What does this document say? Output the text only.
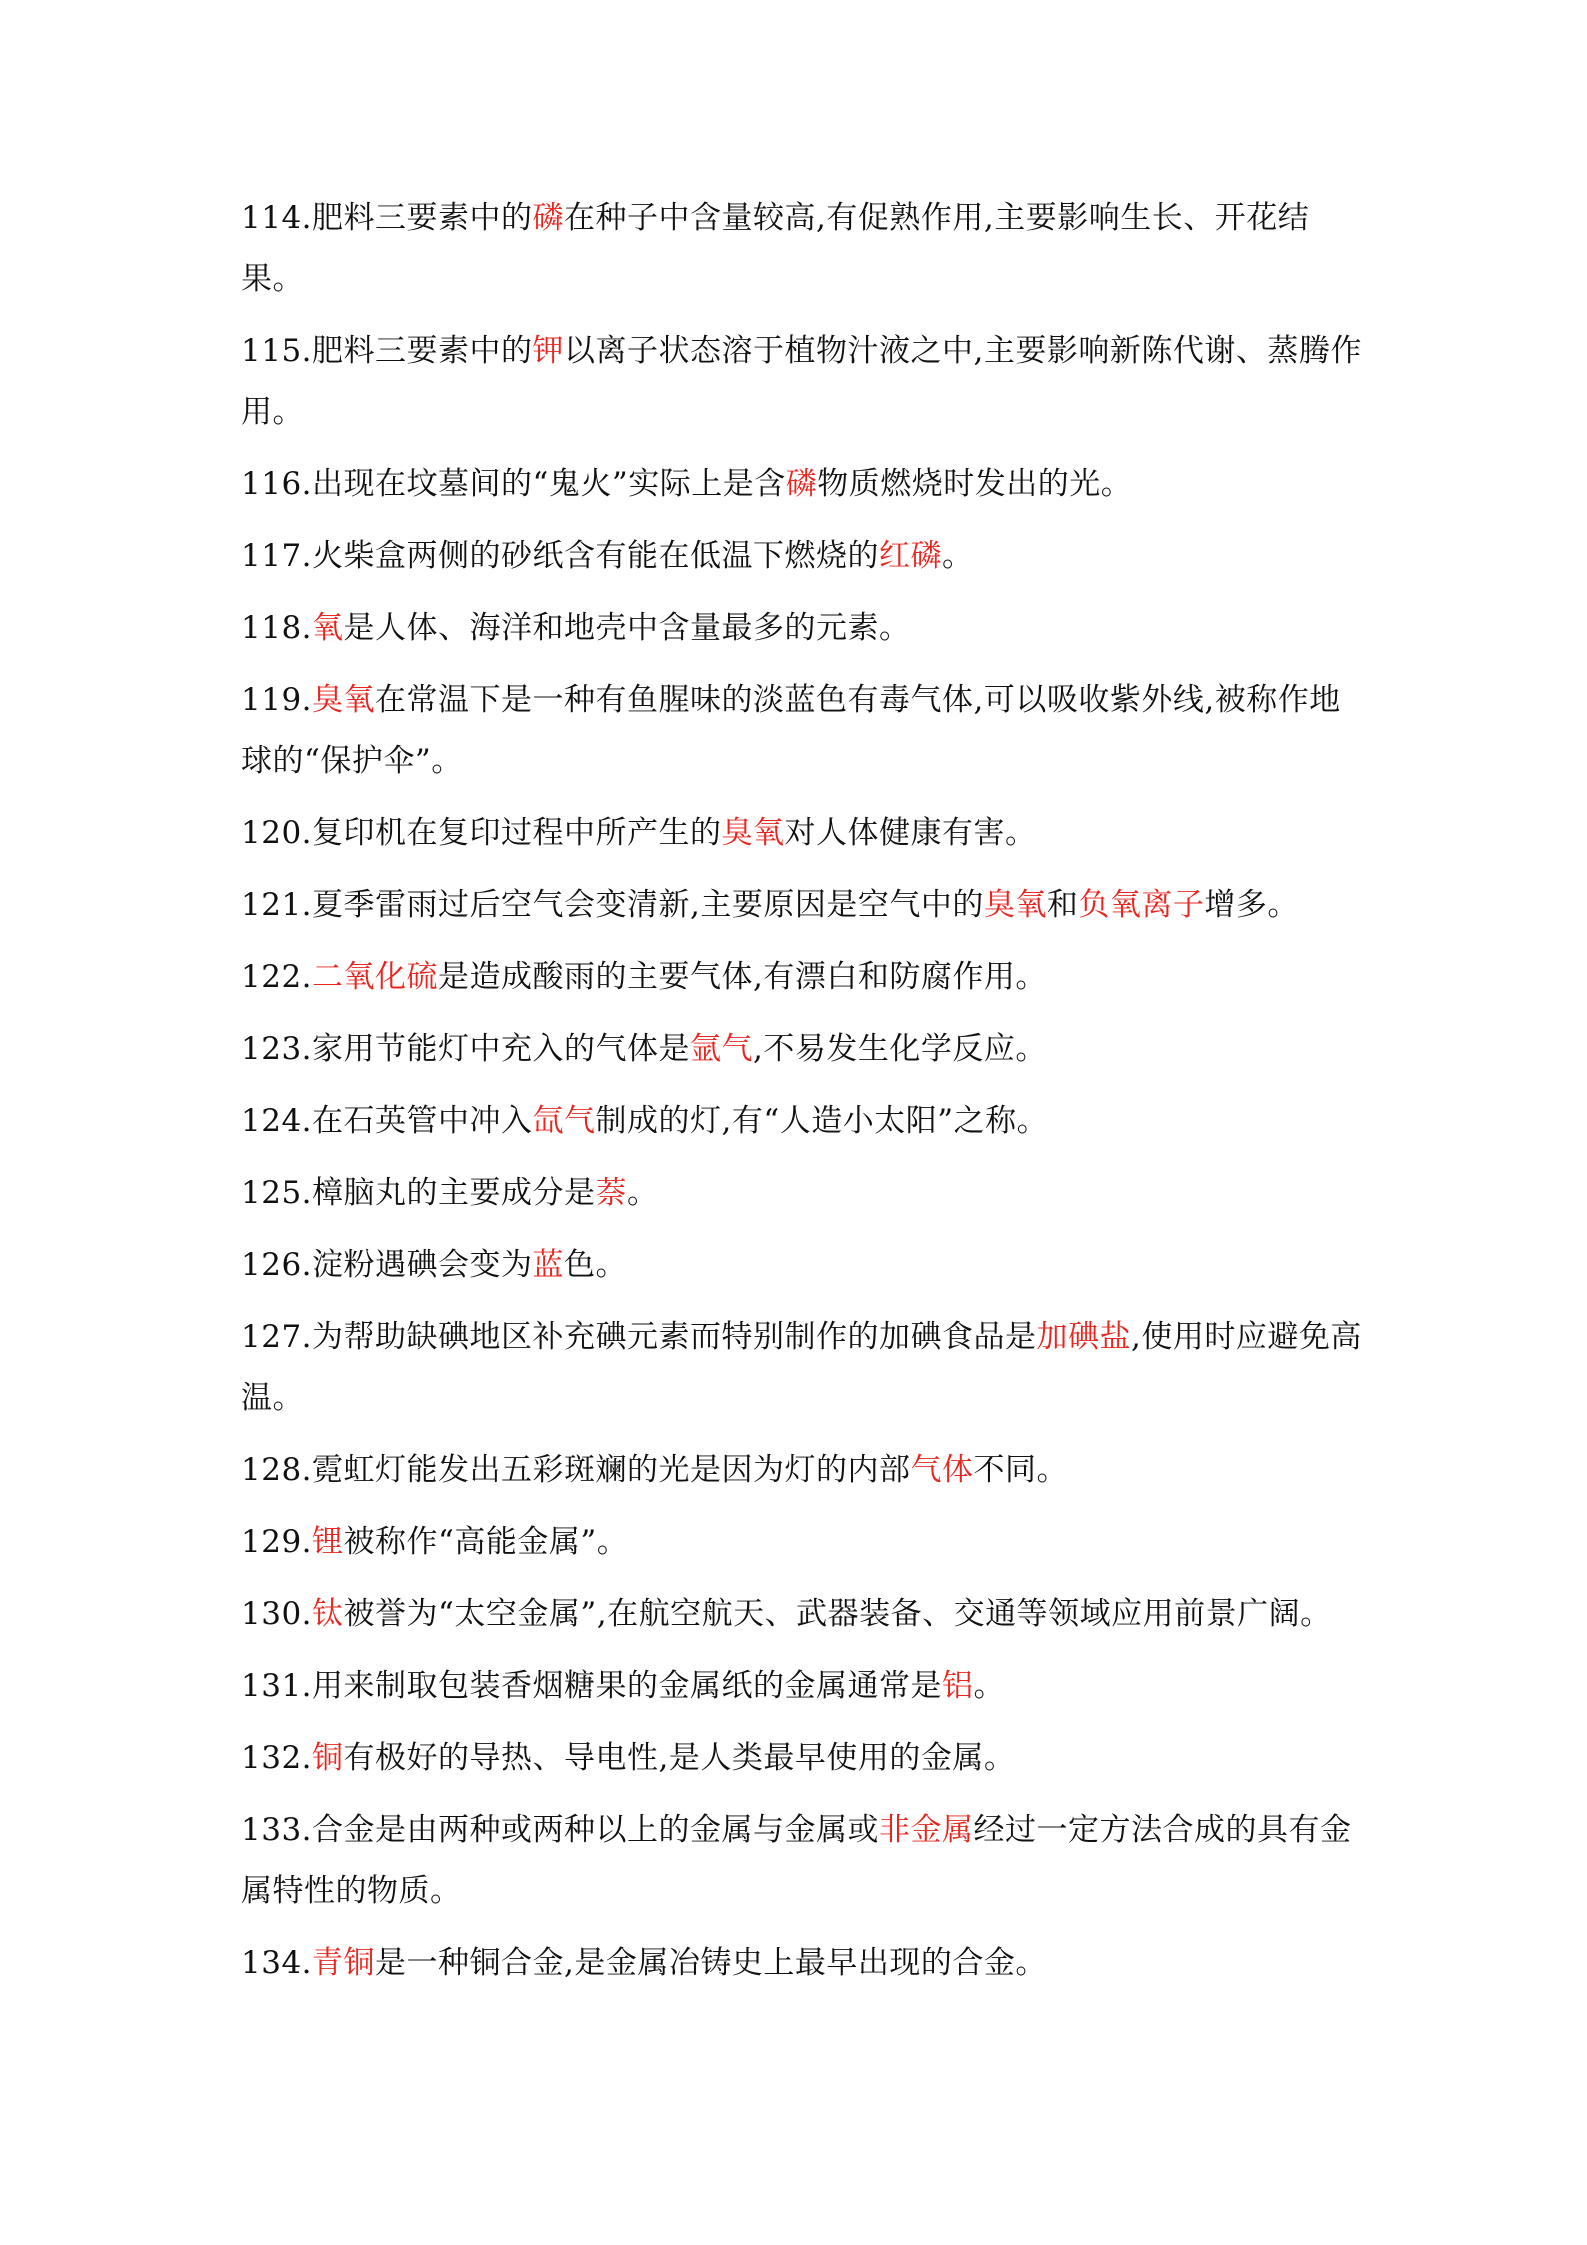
114.肥料三要素中的磷在种子中含量较高,有促熟作用,主要影响生长、开花结果。

115.肥料三要素中的钾以离子状态溶于植物汁液之中,主要影响新陈代谢、蒸腾作用。

116.出现在坟墓间的“鬼火”实际上是含磷物质燃烧时发出的光。

117.火柴盒两侧的砂纸含有能在低温下燃烧的红磷。

118.氧是人体、海洋和地壳中含量最多的元素。

119.臭氧在常温下是一种有鱼腥味的淡蓝色有毒气体,可以吸收紫外线,被称作地球的“保护伞”。

120.复印机在复印过程中所产生的臭氧对人体健康有害。

121.夏季雷雨过后空气会变清新,主要原因是空气中的臭氧和负氧离子增多。

122.二氧化硫是造成酸雨的主要气体,有漂白和防腐作用。

123.家用节能灯中充入的气体是氩气,不易发生化学反应。

124.在石英管中冲入氙气制成的灯,有“人造小太阳”之称。

125.樟脑丸的主要成分是萘。

126.淀粉遇碘会变为蓝色。

127.为帮助缺碘地区补充碘元素而特别制作的加碘食品是加碘盐,使用时应避免高温。

128.霓虹灯能发出五彩斑斓的光是因为灯的内部气体不同。

129.锂被称作“高能金属”。

130.钛被誉为“太空金属”,在航空航天、武器装备、交通等领域应用前景广阔。

131.用来制取包装香烟糖果的金属纸的金属通常是铝。

132.铜有极好的导热、导电性,是人类最早使用的金属。

133.合金是由两种或两种以上的金属与金属或非金属经过一定方法合成的具有金属特性的物质。

134.青铜是一种铜合金,是金属冶铸史上最早出现的合金。
